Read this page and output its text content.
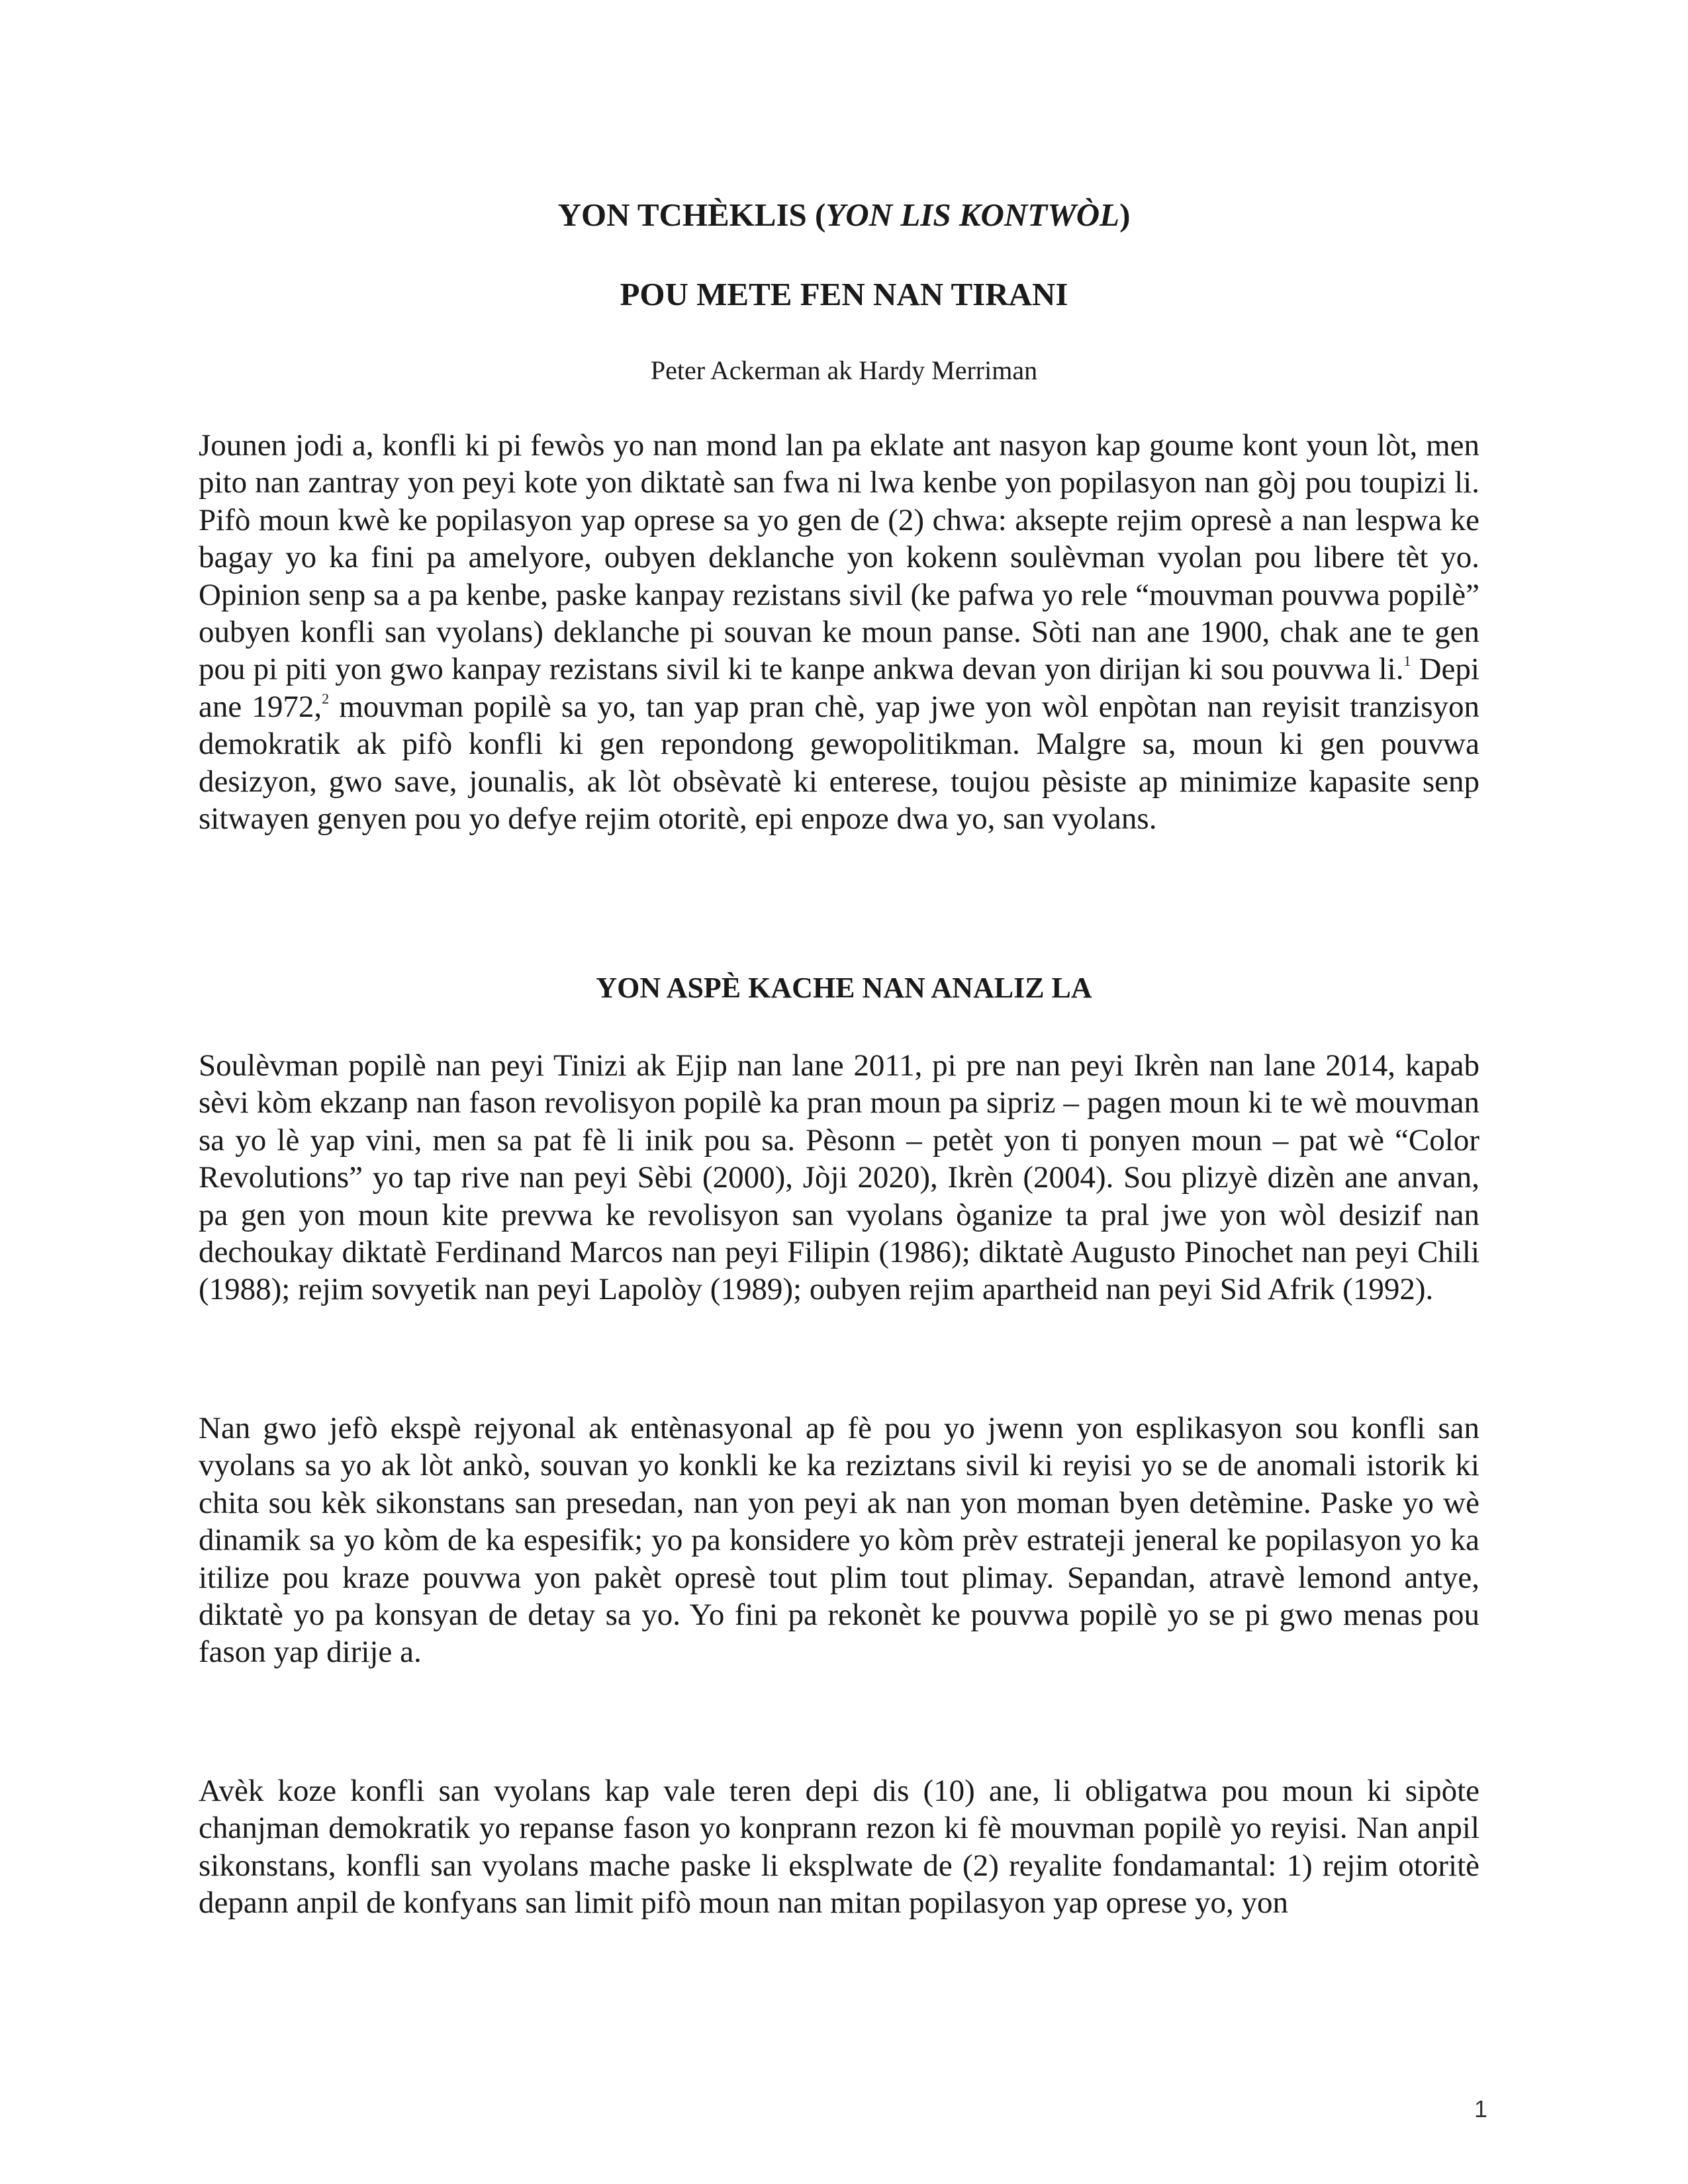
YON TCHÈKLIS (YON LIS KONTWÒL)
POU METE FEN NAN TIRANI

Peter Ackerman ak Hardy Merriman

Jounen jodi a, konfli ki pi fewòs yo nan mond lan pa eklate ant nasyon kap goume kont youn lòt, men pito nan zantray yon peyi kote yon diktatè san fwa ni lwa kenbe yon popilasyon nan gòj pou toupizi li. Pifò moun kwè ke popilasyon yap oprese sa yo gen de (2) chwa: aksepte rejim opresè a nan lespwa ke bagay yo ka fini pa amelyore, oubyen deklanche yon kokenn soulèvman vyolan pou libere tèt yo. Opinion senp sa a pa kenbe, paske kanpay rezistans sivil (ke pafwa yo rele “mouvman pouvwa popilè” oubyen konfli san vyolans) deklanche pi souvan ke moun panse. Sòti nan ane 1900, chak ane te gen pou pi piti yon gwo kanpay rezistans sivil ki te kanpe ankwa devan yon dirijan ki sou pouvwa li.$^1$ Depi ane 1972,$^2$ mouvman popilè sa yo, tan yap pran chè, yap jwe yon wòl enpòtan nan reyisit tranzisyon demokratik ak pifò konfli ki gen repondong gewopolitikman. Malgre sa, moun ki gen pouvwa desizyon, gwo save, jounalis, ak lòt obsèvatè ki enterese, toujou pèsiste ap minimize kapasite senp sitwayen genyen pou yo defye rejim otoritè, epi enpoze dwa yo, san vyolans.

YON ASPÈ KACHE NAN ANALIZ LA

Soulèvman popilè nan peyi Tinizi ak Ejip nan lane 2011, pi pre nan peyi Ikrèn nan lane 2014, kapab sèvi kòm ekzanp nan fason revolisyon popilè ka pran moun pa sipriz – pagen moun ki te wè mouvman sa yo lè yap vini, men sa pat fè li inik pou sa. Pèsonn – petèt yon ti ponyen moun – pat wè “Color Revolutions” yo tap rive nan peyi Sèbi (2000), Jòji 2020), Ikrèn (2004). Sou plizyè dizèn ane anvan, pa gen yon moun kite prevwa ke revolisyon san vyolans òganize ta pral jwe yon wòl desizif nan dechoukay diktatè Ferdinand Marcos nan peyi Filipin (1986); diktatè Augusto Pinochet nan peyi Chili (1988); rejim sovyetik nan peyi Lapolòy (1989); oubyen rejim apartheid nan peyi Sid Afrik (1992).

Nan gwo jefò ekspè rejyonal ak entènasyonal ap fè pou yo jwenn yon esplikasyon sou konfli san vyolans sa yo ak lòt ankò, souvan yo konkli ke ka reziztans sivil ki reyisi yo se de anomali istorik ki chita sou kèk sikonstans san presedan, nan yon peyi ak nan yon moman byen detèmine. Paske yo wè dinamik sa yo kòm de ka espesifik; yo pa konsidere yo kòm prèv estrateji jeneral ke popilasyon yo ka itilize pou kraze pouvwa yon pakèt opresè tout plim tout plimay. Sepandan, atravè lemond antye, diktatè yo pa konsyan de detay sa yo. Yo fini pa rekonèt ke pouvwa popilè yo se pi gwo menas pou fason yap dirije a.

Avèk koze konfli san vyolans kap vale teren depi dis (10) ane, li obligatwa pou moun ki sipòte chanjman demokratik yo repanse fason yo konprann rezon ki fè mouvman popilè yo reyisi. Nan anpil sikonstans, konfli san vyolans mache paske li eksplwate de (2) reyalite fondamantal: 1) rejim otoritè depann anpil de konfyans san limit pifò moun nan mitan popilasyon yap oprese yo, yon

1
